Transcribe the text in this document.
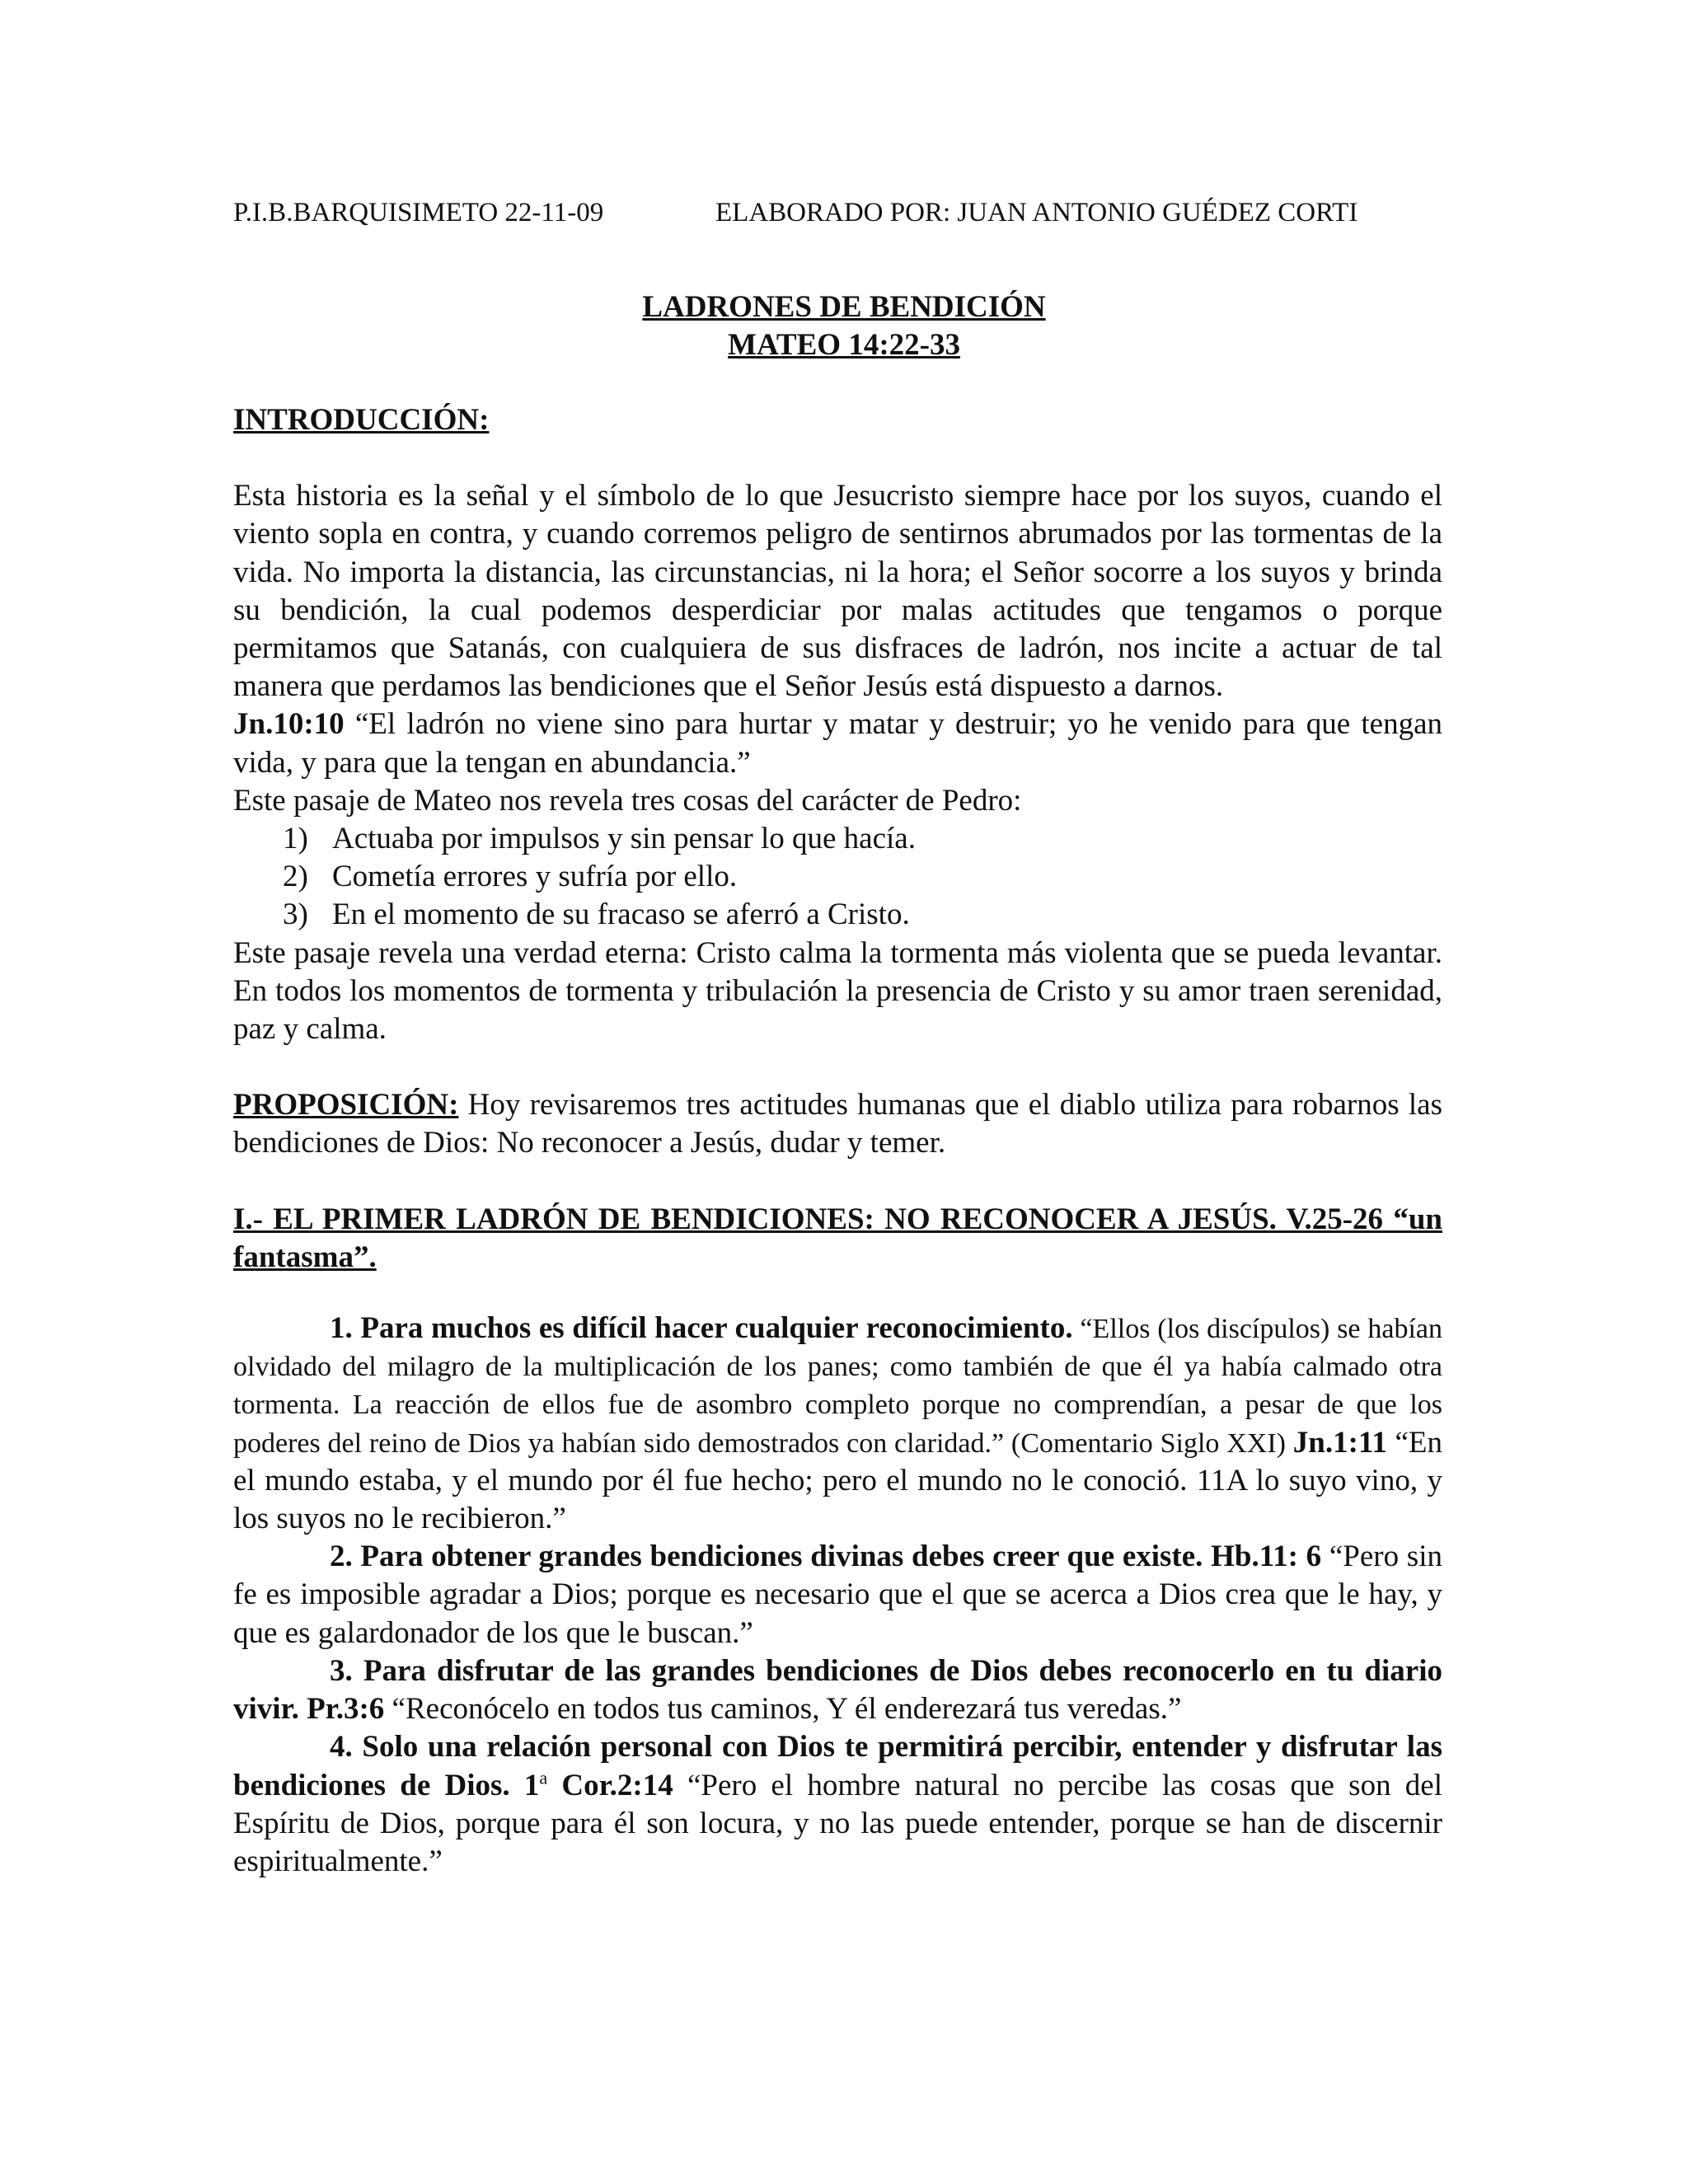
P.I.B.BARQUISIMETO 22-11-09	ELABORADO POR: JUAN ANTONIO GUÉDEZ CORTI
LADRONES DE BENDICIÓN
MATEO 14:22-33

INTRODUCCIÓN:

Esta historia es la señal y el símbolo de lo que Jesucristo siempre hace por los suyos, cuando el viento sopla en contra, y cuando corremos peligro de sentirnos abrumados por las tormentas de la vida. No importa la distancia, las circunstancias, ni la hora; el Señor socorre a los suyos y brinda su bendición, la cual podemos desperdiciar por malas actitudes que tengamos o porque permitamos que Satanás, con cualquiera de sus disfraces de ladrón, nos incite a actuar de tal manera que perdamos las bendiciones que el Señor Jesús está dispuesto a darnos.

Jn.10:10 “El ladrón no viene sino para hurtar y matar y destruir; yo he venido para que tengan vida, y para que la tengan en abundancia.”

Este pasaje de Mateo nos revela tres cosas del carácter de Pedro:

1) Actuaba por impulsos y sin pensar lo que hacía.
2) Cometía errores y sufría por ello.
3) En el momento de su fracaso se aferró a Cristo.

Este pasaje revela una verdad eterna: Cristo calma la tormenta más violenta que se pueda levantar. En todos los momentos de tormenta y tribulación la presencia de Cristo y su amor traen serenidad, paz y calma.

PROPOSICIÓN: Hoy revisaremos tres actitudes humanas que el diablo utiliza para robarnos las bendiciones de Dios: No reconocer a Jesús, dudar y temer.

I.- EL PRIMER LADRÓN DE BENDICIONES: NO RECONOCER A JESÚS. V.25-26 “un fantasma”.

1. Para muchos es difícil hacer cualquier reconocimiento. “Ellos (los discípulos) se habían olvidado del milagro de la multiplicación de los panes; como también de que él ya había calmado otra tormenta. La reacción de ellos fue de asombro completo porque no comprendían, a pesar de que los poderes del reino de Dios ya habían sido demostrados con claridad.” (Comentario Siglo XXI) Jn.1:11 “En el mundo estaba, y el mundo por él fue hecho; pero el mundo no le conoció. 11A lo suyo vino, y los suyos no le recibieron.”

2. Para obtener grandes bendiciones divinas debes creer que existe. Hb.11: 6 “Pero sin fe es imposible agradar a Dios; porque es necesario que el que se acerca a Dios crea que le hay, y que es galardonador de los que le buscan.”

3. Para disfrutar de las grandes bendiciones de Dios debes reconocerlo en tu diario vivir. Pr.3:6 “Reconócelo en todos tus caminos, Y él enderezará tus veredas.”

4. Solo una relación personal con Dios te permitirá percibir, entender y disfrutar las bendiciones de Dios. 1$^a$ Cor.2:14 “Pero el hombre natural no percibe las cosas que son del Espíritu de Dios, porque para él son locura, y no las puede entender, porque se han de discernir espiritualmente.”
